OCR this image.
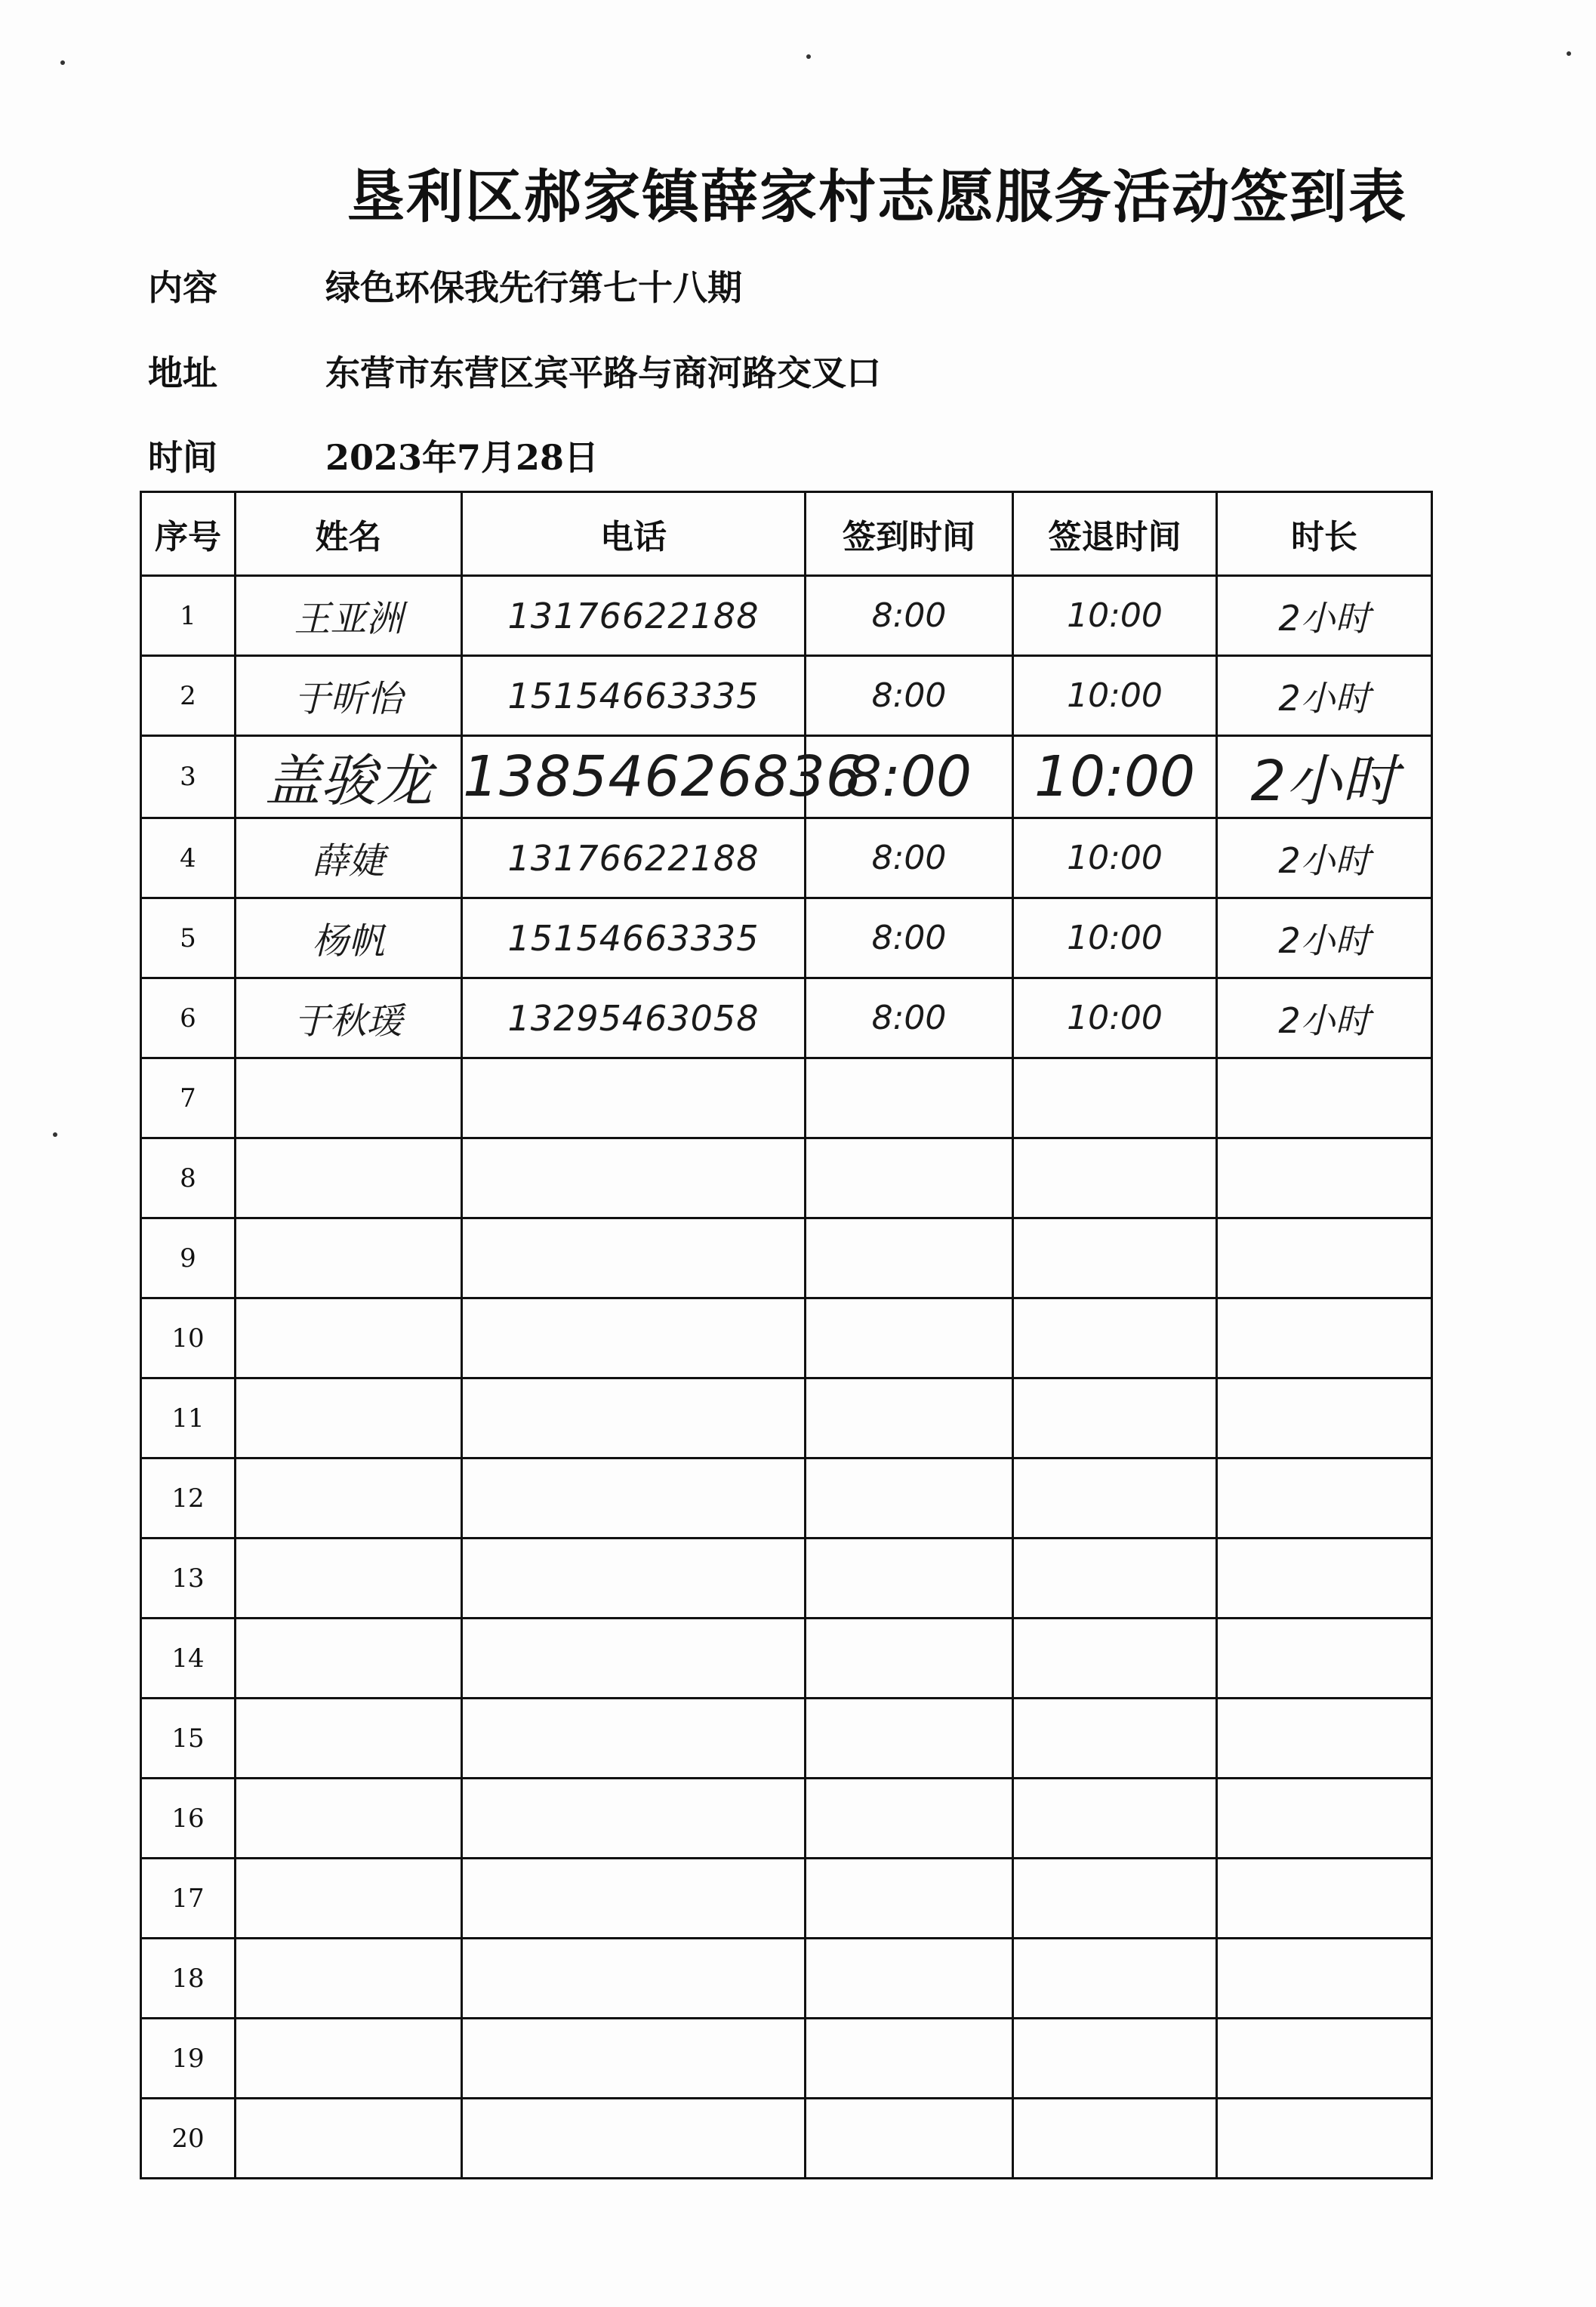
垦利区郝家镇薛家村志愿服务活动签到表
内容	绿色环保我先行第七十八期
地址	东营市东营区宾平路与商河路交叉口
时间	2023年7月28日
序号	姓名	电话	签到时间	签退时间	时长
1	王亚洲	13176622188	8:00	10:00	2小时
2	于昕怡	15154663335	8:00	10:00	2小时
3	盖骏龙	13854626836	8:00	10:00	2小时
4	薛婕	13176622188	8:00	10:00	2小时
5	杨帆	15154663335	8:00	10:00	2小时
6	于秋瑗	13295463058	8:00	10:00	2小时
7					
8					
9					
10					
11					
12					
13					
14					
15					
16					
17					
18					
19					
20					
